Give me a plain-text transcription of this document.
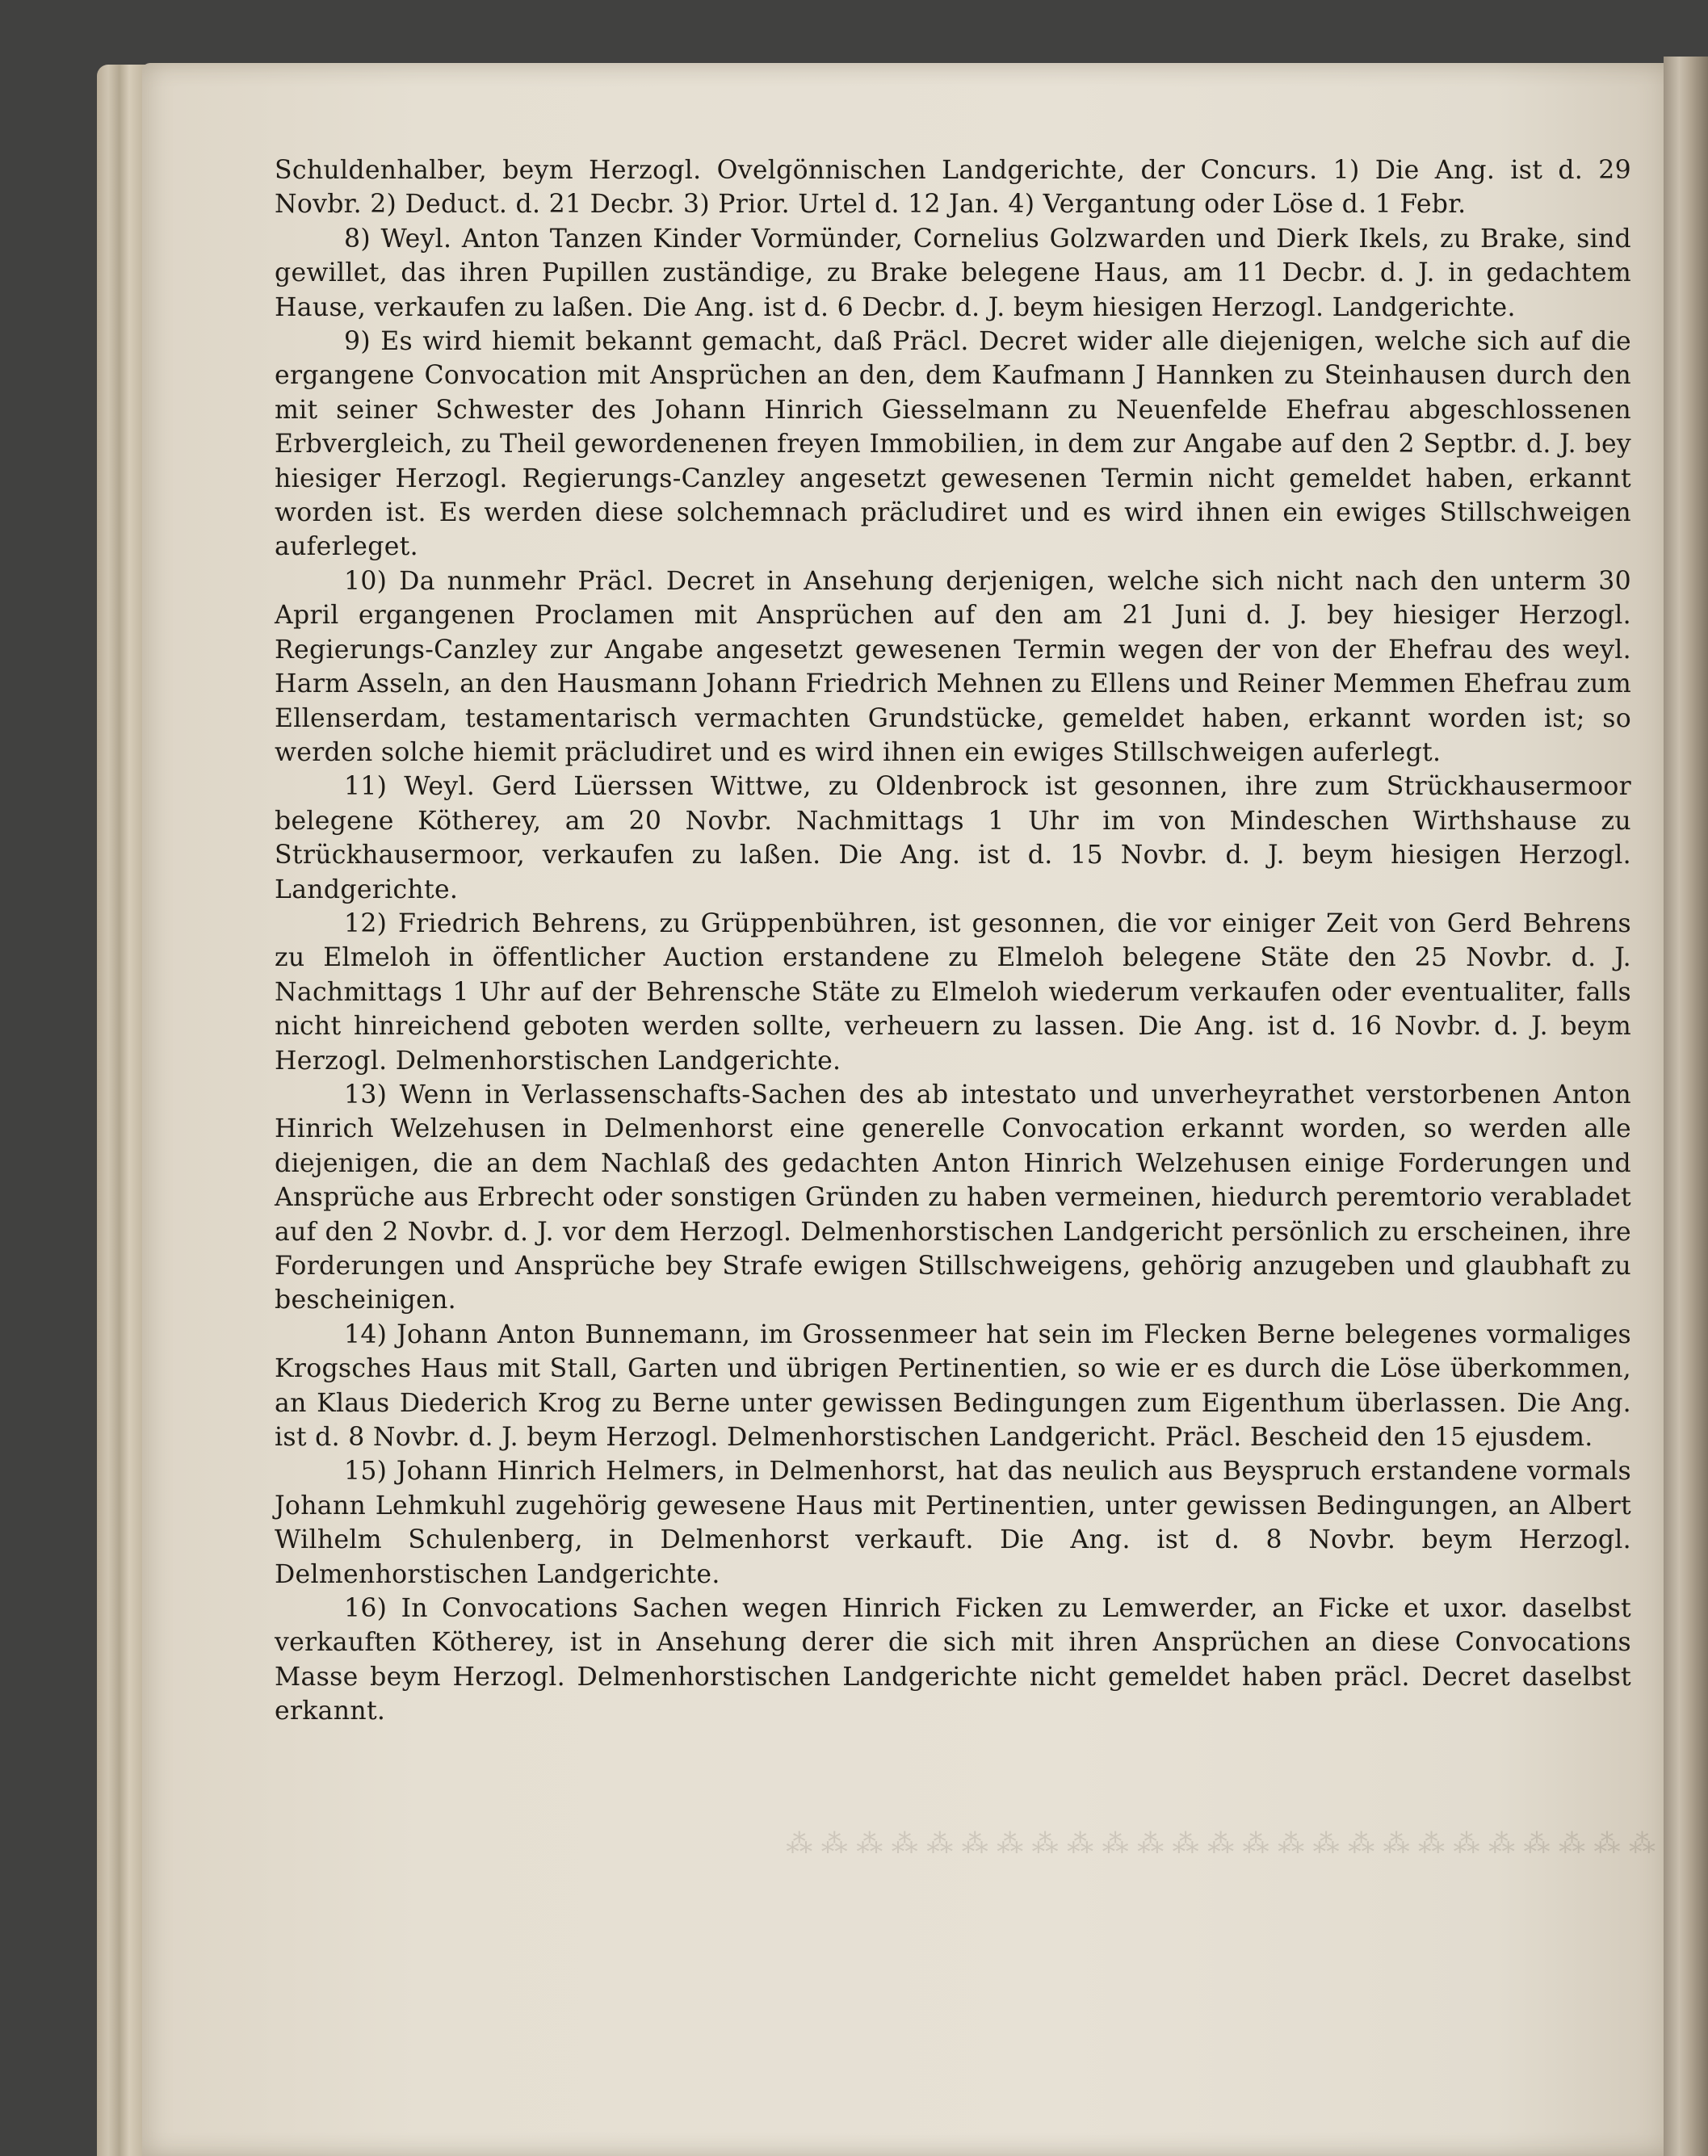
⁂ ⁂ ⁂ ⁂ ⁂ ⁂ ⁂ ⁂ ⁂ ⁂ ⁂ ⁂ ⁂ ⁂ ⁂ ⁂ ⁂ ⁂ ⁂ ⁂ ⁂ ⁂ ⁂ ⁂ ⁂

Schuldenhalber, beym Herzogl. Ovelgönnischen Landgerichte, der Concurs. 1) Die Ang. ist d. 29 Novbr. 2) Deduct. d. 21 Decbr. 3) Prior. Urtel d. 12 Jan. 4) Vergantung oder Löse d. 1 Febr.

8) Weyl. Anton Tanzen Kinder Vormünder, Cornelius Golzwarden und Dierk Ikels, zu Brake, sind gewillet, das ihren Pupillen zuständige, zu Brake belegene Haus, am 11 Decbr. d. J. in gedachtem Hause, verkaufen zu laßen. Die Ang. ist d. 6 Decbr. d. J. beym hiesigen Herzogl. Landgerichte.

9) Es wird hiemit bekannt gemacht, daß Präcl. Decret wider alle diejenigen, welche sich auf die ergangene Convocation mit Ansprüchen an den, dem Kaufmann J Hannken zu Steinhausen durch den mit seiner Schwester des Johann Hinrich Giesselmann zu Neuenfelde Ehefrau abgeschlossenen Erbvergleich, zu Theil gewordenenen freyen Immobilien, in dem zur Angabe auf den 2 Septbr. d. J. bey hiesiger Herzogl. Regierungs-Canzley angesetzt gewesenen Termin nicht gemeldet haben, erkannt worden ist. Es werden diese solchemnach präcludiret und es wird ihnen ein ewiges Stillschweigen auferleget.

10) Da nunmehr Präcl. Decret in Ansehung derjenigen, welche sich nicht nach den unterm 30 April ergangenen Proclamen mit Ansprüchen auf den am 21 Juni d. J. bey hiesiger Herzogl. Regierungs-Canzley zur Angabe angesetzt gewesenen Termin wegen der von der Ehefrau des weyl. Harm Asseln, an den Hausmann Johann Friedrich Mehnen zu Ellens und Reiner Memmen Ehefrau zum Ellenserdam, testamentarisch vermachten Grundstücke, gemeldet haben, erkannt worden ist; so werden solche hiemit präcludiret und es wird ihnen ein ewiges Stillschweigen auferlegt.

11) Weyl. Gerd Lüerssen Wittwe, zu Oldenbrock ist gesonnen, ihre zum Strückhausermoor belegene Kötherey, am 20 Novbr. Nachmittags 1 Uhr im von Mindeschen Wirthshause zu Strückhausermoor, verkaufen zu laßen. Die Ang. ist d. 15 Novbr. d. J. beym hiesigen Herzogl. Landgerichte.

12) Friedrich Behrens, zu Grüppenbühren, ist gesonnen, die vor einiger Zeit von Gerd Behrens zu Elmeloh in öffentlicher Auction erstandene zu Elmeloh belegene Stäte den 25 Novbr. d. J. Nachmittags 1 Uhr auf der Behrensche Stäte zu Elmeloh wiederum verkaufen oder eventualiter, falls nicht hinreichend geboten werden sollte, verheuern zu lassen. Die Ang. ist d. 16 Novbr. d. J. beym Herzogl. Delmenhorstischen Landgerichte.

13) Wenn in Verlassenschafts-Sachen des ab intestato und unverheyrathet verstorbenen Anton Hinrich Welzehusen in Delmenhorst eine generelle Convocation erkannt worden, so werden alle diejenigen, die an dem Nachlaß des gedachten Anton Hinrich Welzehusen einige Forderungen und Ansprüche aus Erbrecht oder sonstigen Gründen zu haben vermeinen, hiedurch peremtorio verabladet auf den 2 Novbr. d. J. vor dem Herzogl. Delmenhorstischen Landgericht persönlich zu erscheinen, ihre Forderungen und Ansprüche bey Strafe ewigen Stillschweigens, gehörig anzugeben und glaubhaft zu bescheinigen.

14) Johann Anton Bunnemann, im Grossenmeer hat sein im Flecken Berne belegenes vormaliges Krogsches Haus mit Stall, Garten und übrigen Pertinentien, so wie er es durch die Löse überkommen, an Klaus Diederich Krog zu Berne unter gewissen Bedingungen zum Eigenthum überlassen. Die Ang. ist d. 8 Novbr. d. J. beym Herzogl. Delmenhorstischen Landgericht. Präcl. Bescheid den 15 ejusdem.

15) Johann Hinrich Helmers, in Delmenhorst, hat das neulich aus Beyspruch erstandene vormals Johann Lehmkuhl zugehörig gewesene Haus mit Pertinentien, unter gewissen Bedingungen, an Albert Wilhelm Schulenberg, in Delmenhorst verkauft. Die Ang. ist d. 8 Novbr. beym Herzogl. Delmenhorstischen Landgerichte.

16) In Convocations Sachen wegen Hinrich Ficken zu Lemwerder, an Ficke et uxor. daselbst verkauften Kötherey, ist in Ansehung derer die sich mit ihren Ansprüchen an diese Convocations Masse beym Herzogl. Delmenhorstischen Landgerichte nicht gemeldet haben präcl. Decret daselbst erkannt.
